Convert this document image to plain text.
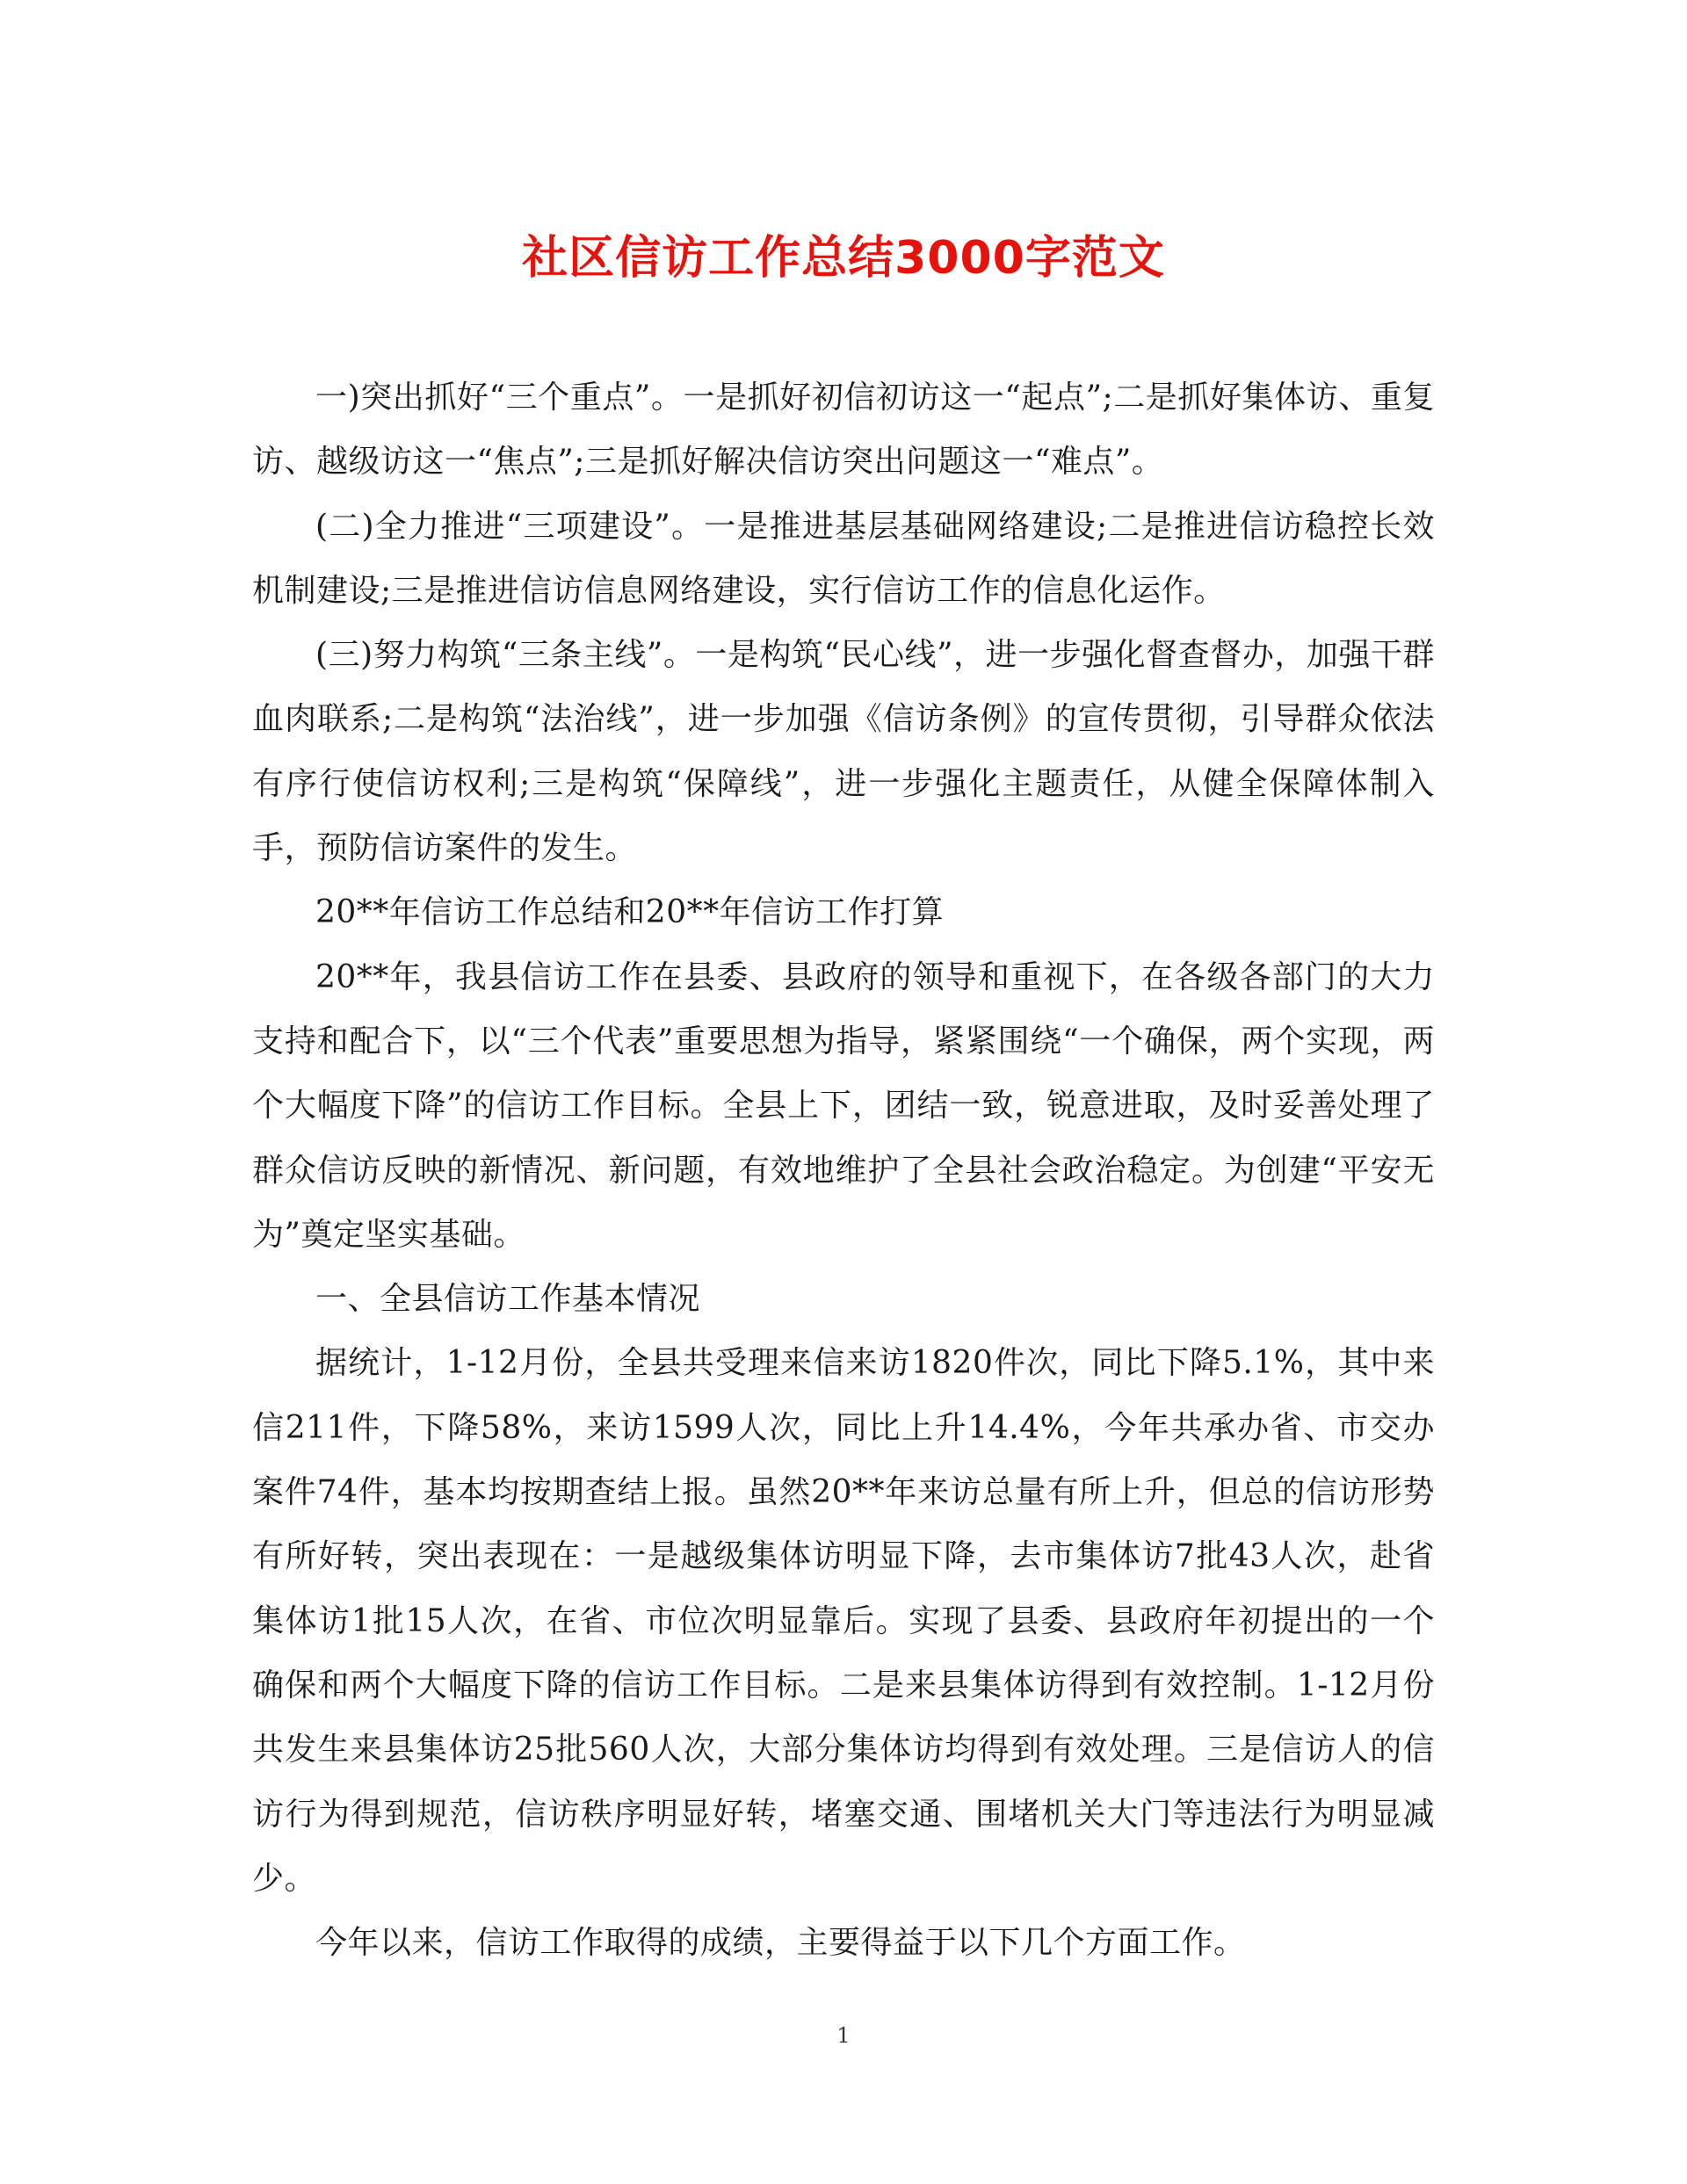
社区信访工作总结3000字范文

一)突出抓好“三个重点”。一是抓好初信初访这一“起点”;二是抓好集体访、重复访、越级访这一“焦点”;三是抓好解决信访突出问题这一“难点”。

(二)全力推进“三项建设”。一是推进基层基础网络建设;二是推进信访稳控长效机制建设;三是推进信访信息网络建设，实行信访工作的信息化运作。

(三)努力构筑“三条主线”。一是构筑“民心线”，进一步强化督查督办，加强干群血肉联系;二是构筑“法治线”，进一步加强《信访条例》的宣传贯彻，引导群众依法有序行使信访权利;三是构筑“保障线”，进一步强化主题责任，从健全保障体制入手，预防信访案件的发生。

20**年信访工作总结和20**年信访工作打算

20**年，我县信访工作在县委、县政府的领导和重视下，在各级各部门的大力支持和配合下，以“三个代表”重要思想为指导，紧紧围绕“一个确保，两个实现，两个大幅度下降”的信访工作目标。全县上下，团结一致，锐意进取，及时妥善处理了群众信访反映的新情况、新问题，有效地维护了全县社会政治稳定。为创建“平安无为”奠定坚实基础。

一、全县信访工作基本情况

据统计，1-12月份，全县共受理来信来访1820件次，同比下降5.1%，其中来信211件，下降58%，来访1599人次，同比上升14.4%，今年共承办省、市交办案件74件，基本均按期查结上报。虽然20**年来访总量有所上升，但总的信访形势有所好转，突出表现在：一是越级集体访明显下降，去市集体访7批43人次，赴省集体访1批15人次，在省、市位次明显靠后。实现了县委、县政府年初提出的一个确保和两个大幅度下降的信访工作目标。二是来县集体访得到有效控制。1-12月份共发生来县集体访25批560人次，大部分集体访均得到有效处理。三是信访人的信访行为得到规范，信访秩序明显好转，堵塞交通、围堵机关大门等违法行为明显减少。

今年以来，信访工作取得的成绩，主要得益于以下几个方面工作。

1
